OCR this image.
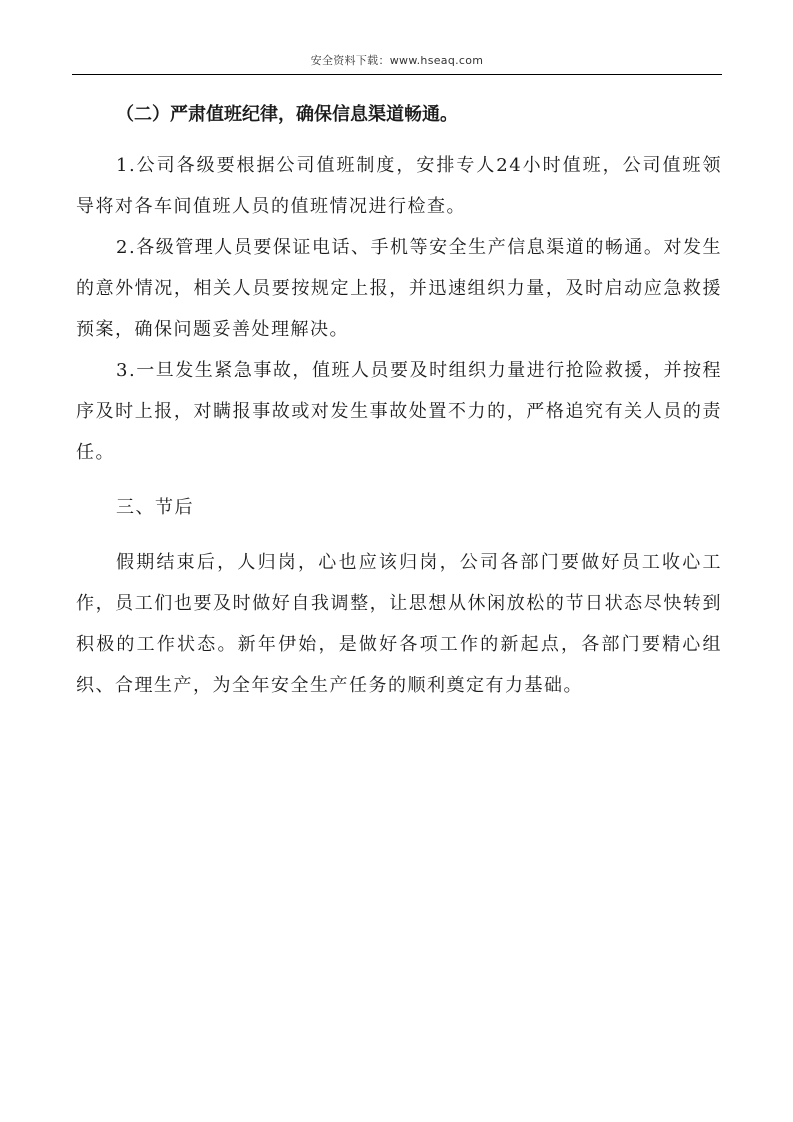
安全资料下载：www.hseaq.com
（二）严肃值班纪律，确保信息渠道畅通。

1.公司各级要根据公司值班制度，安排专人24小时值班，公司值班领导将对各车间值班人员的值班情况进行检查。

2.各级管理人员要保证电话、手机等安全生产信息渠道的畅通。对发生的意外情况，相关人员要按规定上报，并迅速组织力量，及时启动应急救援预案，确保问题妥善处理解决。

3.一旦发生紧急事故，值班人员要及时组织力量进行抢险救援，并按程序及时上报，对瞒报事故或对发生事故处置不力的，严格追究有关人员的责任。

三、节后

假期结束后，人归岗，心也应该归岗，公司各部门要做好员工收心工作，员工们也要及时做好自我调整，让思想从休闲放松的节日状态尽快转到积极的工作状态。新年伊始，是做好各项工作的新起点，各部门要精心组织、合理生产，为全年安全生产任务的顺利奠定有力基础。
